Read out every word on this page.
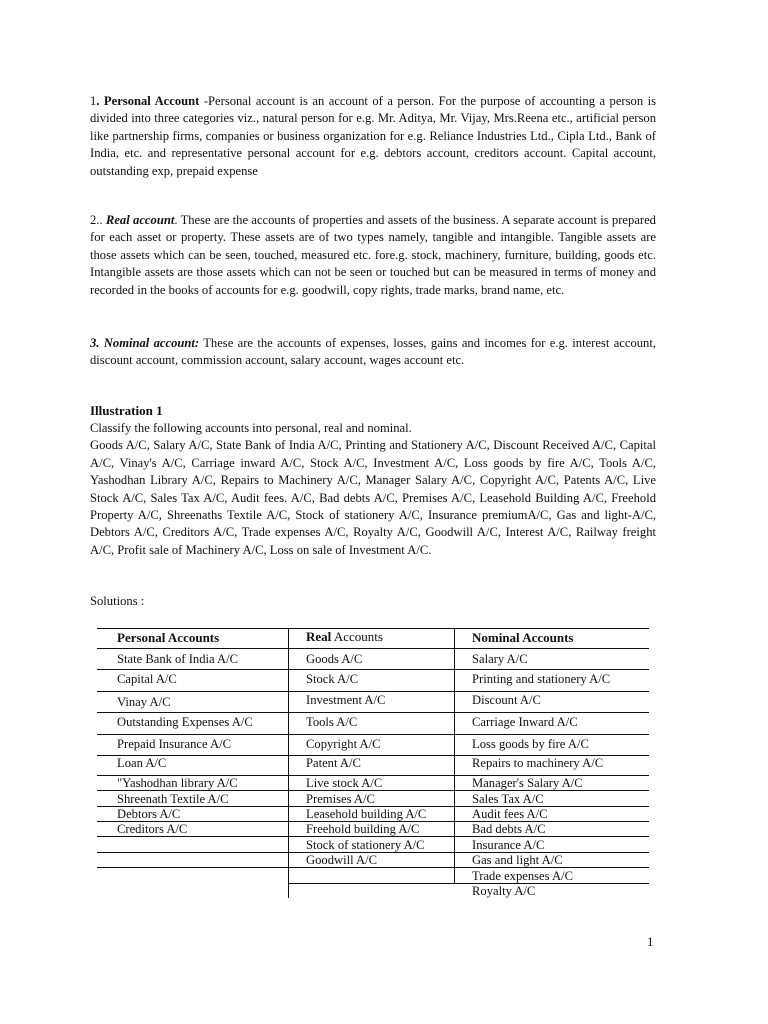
1. Personal Account -Personal account is an account of a person. For the purpose of accounting a person is divided into three categories viz., natural person for e.g. Mr. Aditya, Mr. Vijay, Mrs.Reena etc., artificial person like partnership firms, companies or business organization for e.g. Reliance Industries Ltd., Cipla Ltd., Bank of India, etc. and representative personal account for e.g. debtors account, creditors account. Capital account, outstanding exp, prepaid expense
2.. Real account. These are the accounts of properties and assets of the business. A separate account is prepared for each asset or property. These assets are of two types namely, tangible and intangible. Tangible assets are those assets which can be seen, touched, measured etc. fore.g. stock, machinery, furniture, building, goods etc. Intangible assets are those assets which can not be seen or touched but can be measured in terms of money and recorded in the books of accounts for e.g. goodwill, copy rights, trade marks, brand name, etc.
3. Nominal account: These are the accounts of expenses, losses, gains and incomes for e.g. interest account, discount account, commission account, salary account, wages account etc.
Illustration 1
Classify the following accounts into personal, real and nominal.
Goods A/C, Salary A/C, State Bank of India A/C, Printing and Stationery A/C, Discount Received A/C, Capital A/C, Vinay's A/C, Carriage inward A/C, Stock A/C, Investment A/C, Loss goods by fire A/C, Tools A/C, Yashodhan Library A/C, Repairs to Machinery A/C, Manager Salary A/C, Copyright A/C, Patents A/C, Live Stock A/C, Sales Tax A/C, Audit fees. A/C, Bad debts A/C, Premises A/C, Leasehold Building A/C, Freehold Property A/C, Shreenaths Textile A/C, Stock of stationery A/C, Insurance premiumA/C, Gas and light-A/C, Debtors A/C, Creditors A/C, Trade expenses A/C, Royalty A/C, Goodwill A/C, Interest A/C, Railway freight A/C, Profit sale of Machinery A/C, Loss on sale of Investment A/C.
Solutions :
Personal Accounts	Real Accounts	Nominal Accounts
State Bank of India A/C
Capital A/C
Vinay A/C
Outstanding Expenses A/C
Prepaid Insurance A/C
Loan A/C
"Yashodhan library A/C
Shreenath Textile A/C
Debtors A/C
Creditors A/C
Goods A/C
Stock A/C
Investment A/C
Tools A/C
Copyright A/C
Patent A/C
Live stock A/C
Premises A/C
Leasehold building A/C
Freehold building A/C
Stock of stationery A/C
Goodwill A/C
Salary A/C
Printing and stationery A/C
Discount A/C
Carriage Inward A/C
Loss goods by fire A/C
Repairs to machinery A/C
Manager's Salary A/C
Sales Tax A/C
Audit fees A/C
Bad debts A/C
Insurance A/C
Gas and light A/C
Trade expenses A/C
Royalty A/C
1
